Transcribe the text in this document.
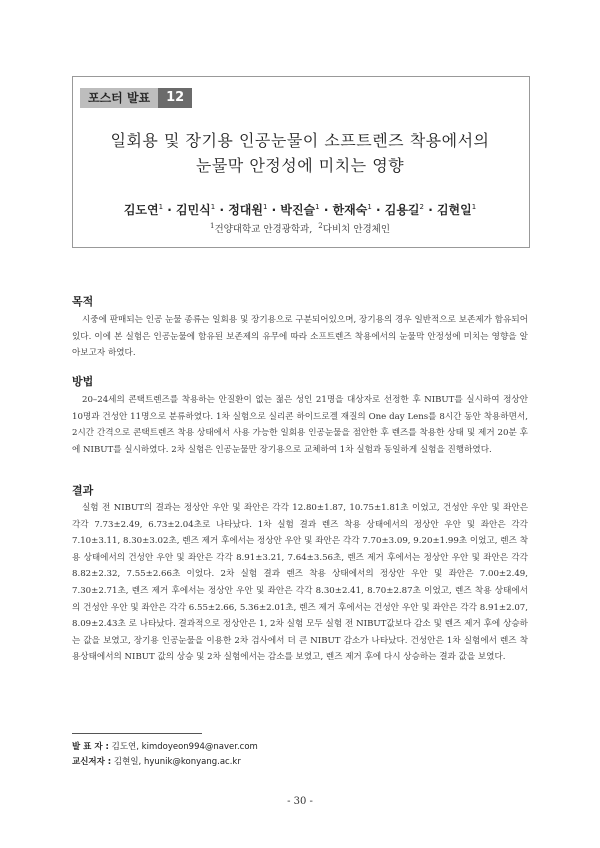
포스터 발표	12
일회용 및 장기용 인공눈물이 소프트렌즈 착용에서의
눈물막 안정성에 미치는 영향
김도연$^1$ · 김민식$^1$ · 정대원$^1$ · 박진슬$^1$ · 한재숙$^1$ · 김용길$^2$ · 김현일$^1$
$^1$건양대학교 안경광학과, $^2$다비치 안경체인
목적
시중에 판매되는 인공 눈물 종류는 일회용 및 장기용으로 구분되어있으며, 장기용의 경우 일반적으로 보존제가 함유되어있다. 이에 본 실험은 인공눈물에 함유된 보존제의 유무에 따라 소프트렌즈 착용에서의 눈물막 안정성에 미치는 영향을 알아보고자 하였다.
방법
20–24세의 콘택트렌즈를 착용하는 안질환이 없는 젊은 성인 21명을 대상자로 선정한 후 NIBUT를 실시하여 정상안 10명과 건성안 11명으로 분류하였다. 1차 실험으로 실리콘 하이드로겔 재질의 One day Lens를 8시간 동안 착용하면서, 2시간 간격으로 콘택트렌즈 착용 상태에서 사용 가능한 일회용 인공눈물을 점안한 후 렌즈를 착용한 상태 및 제거 20분 후에 NIBUT를 실시하였다. 2차 실험은 인공눈물만 장기용으로 교체하여 1차 실험과 동일하게 실험을 진행하였다.
결과
실험 전 NIBUT의 결과는 정상안 우안 및 좌안은 각각 12.80±1.87, 10.75±1.81초 이었고, 건성안 우안 및 좌안은 각각 7.73±2.49, 6.73±2.04초로 나타났다. 1차 실험 결과 렌즈 착용 상태에서의 정상안 우안 및 좌안은 각각 7.10±3.11, 8.30±3.02초, 렌즈 제거 후에서는 정상안 우안 및 좌안은 각각 7.70±3.09, 9.20±1.99초 이었고, 렌즈 착용 상태에서의 건성안 우안 및 좌안은 각각 8.91±3.21, 7.64±3.56초, 렌즈 제거 후에서는 정상안 우안 및 좌안은 각각 8.82±2.32, 7.55±2.66초 이었다. 2차 실험 결과 렌즈 착용 상태에서의 정상안 우안 및 좌안은 7.00±2.49, 7.30±2.71초, 렌즈 제거 후에서는 정상안 우안 및 좌안은 각각 8.30±2.41, 8.70±2.87초 이었고, 렌즈 착용 상태에서의 건성안 우안 및 좌안은 각각 6.55±2.66, 5.36±2.01초, 렌즈 제거 후에서는 건성안 우안 및 좌안은 각각 8.91±2.07, 8.09±2.43초 로 나타났다. 결과적으로 정상안은 1, 2차 실험 모두 실험 전 NIBUT값보다 감소 및 렌즈 제거 후에 상승하는 값을 보였고, 장기용 인공눈물을 이용한 2차 검사에서 더 큰 NIBUT 감소가 나타났다. 건성안은 1차 실험에서 렌즈 착용상태에서의 NIBUT 값의 상승 및 2차 실험에서는 감소를 보였고, 렌즈 제거 후에 다시 상승하는 결과 값을 보였다.
발 표 자 : 김도연, kimdoyeon994@naver.com
교신저자 : 김현일, hyunik@konyang.ac.kr
- 30 -
